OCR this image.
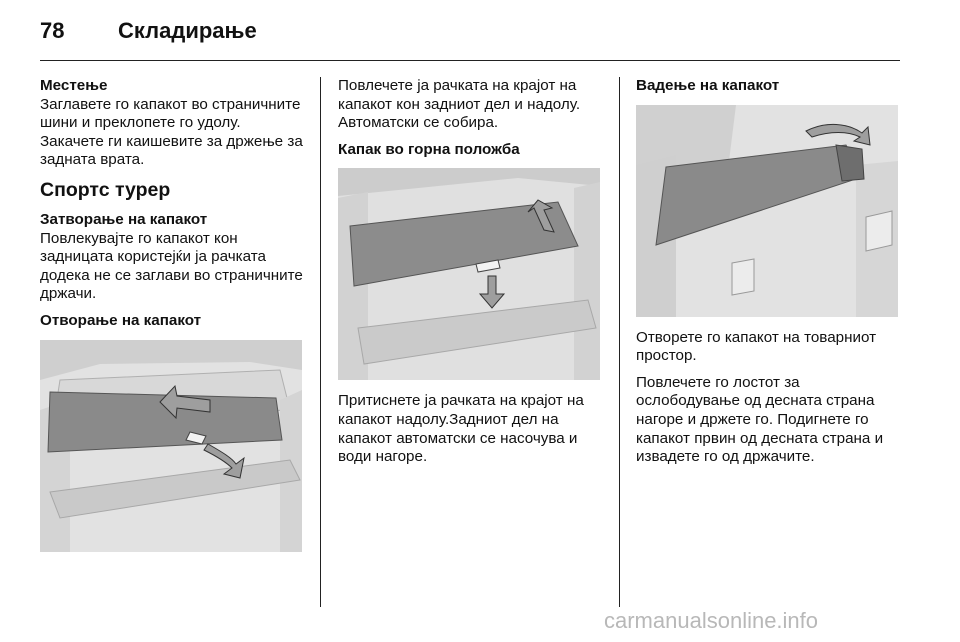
78 Складирање

Местење

Заглавете го капакот во страничните шини и преклопете го удолу. Закачете ги каишевите за држење за задната врата.

Спортс турер

Затворање на капакот

Повлекувајте го капакот кон задницата користејќи ја рачката додека не се заглави во страничните држачи.

Отворање на капакот

Повлечете ја рачката на крајот на капакот кон задниот дел и надолу. Автоматски се собира.

Капак во горна положба

Притиснете ја рачката на крајот на капакот надолу.Задниот дел на капакот автоматски се насочува и води нагоре.

Вадење на капакот

Отворете го капакот на товарниот простор.

Повлечете го лостот за ослободување од десната страна нагоре и држете го. Подигнете го капакот првин од десната страна и извадете го од држачите.

carmanualsonline.info
